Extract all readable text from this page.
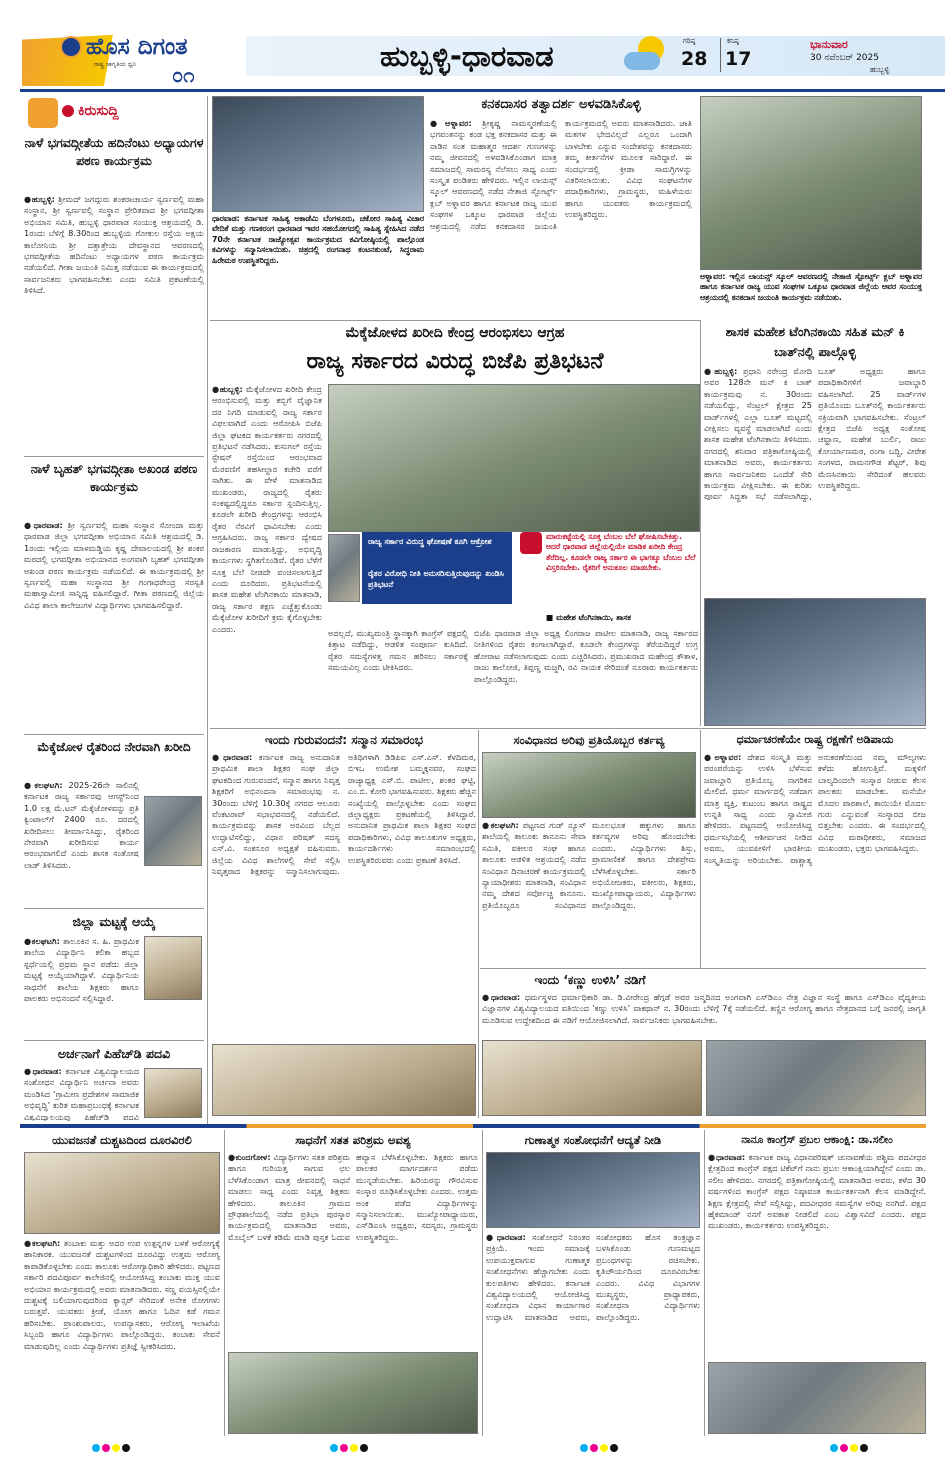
ಹೊಸ ದಿಗಂತ
ರಾಷ್ಟ್ರ ಜಾಗೃತಿಯ ಧ್ವನಿ	೦೧
ಹುಬ್ಬಳ್ಳಿ-ಧಾರವಾಡ	ಗರಿಷ್ಠ
28
ಕನಿಷ್ಠ
17
ಭಾನುವಾರ
30 ನವೆಂಬರ್ 2025
ಹುಬ್ಬಳ್ಳಿ
ಕಿರುಸುದ್ದಿ
ನಾಳೆ ಭಗವದ್ಗೀತೆಯ ಹದಿನೆಂಟು ಅಧ್ಯಾಯಗಳ ಪಠಣ ಕಾರ್ಯಕ್ರಮ
●ಹುಬ್ಬಳ್ಳಿ: ಶ್ರೀಮದ್ ಜಗದ್ಗುರು ಶಂಕರಾಚಾರ್ಯ ಸ್ವರ್ಣವಲ್ಲಿ ಮಹಾ ಸಂಸ್ಥಾನ, ಶ್ರೀ ಸ್ವರ್ಣವಲ್ಲಿ ಸಂಸ್ಥಾನ ಪ್ರೇರಿತವಾದ ಶ್ರೀ ಭಗವದ್ಗೀತಾ ಅಭಿಯಾನ ಸಮಿತಿ, ಹುಬ್ಬಳ್ಳಿ ಧಾರವಾಡ ಸಂಯುಕ್ತ ಆಶ್ರಯದಲ್ಲಿ ಡಿ. 1ರಂದು ಬೆಳಿಗ್ಗೆ 8.30ರಿಂದ ಹುಬ್ಬಳ್ಳಿಯ ಗೋಕುಲ ರಸ್ತೆಯ ಅಕ್ಷಯ ಕಾಲೋನಿಯ ಶ್ರೀ ದತ್ತಾತ್ರೇಯ ದೇವಸ್ಥಾನದ ಆವರಣದಲ್ಲಿ ಭಗವದ್ಗೀತೆಯ ಹದಿನೆಂಟು ಅಧ್ಯಾಯಗಳ ಪಠಣ ಕಾರ್ಯಕ್ರಮ ನಡೆಯಲಿದೆ. ಗೀತಾ ಜಯಂತಿ ನಿಮಿತ್ತ ನಡೆಯುವ ಈ ಕಾರ್ಯಕ್ರಮದಲ್ಲಿ ಸಾರ್ವಜನಿಕರು ಭಾಗವಹಿಸಬೇಕು ಎಂದು ಸಮಿತಿ ಪ್ರಕಟಣೆಯಲ್ಲಿ ತಿಳಿಸಿದೆ.
ನಾಳೆ ಬೃಹತ್ ಭಗವದ್ಗೀತಾ ಅಖಂಡ ಪಠಣ ಕಾರ್ಯಕ್ರಮ
●ಧಾರವಾಡ: ಶ್ರೀ ಸ್ವರ್ಣವಲ್ಲಿ ಮಹಾ ಸಂಸ್ಥಾನ ಸೋಂದಾ ಮತ್ತು ಧಾರವಾಡ ಜಿಲ್ಲಾ ಭಗವದ್ಗೀತಾ ಅಭಿಯಾನ ಸಮಿತಿ ಆಶ್ರಯದಲ್ಲಿ ಡಿ. 1ರಂದು ಇಲ್ಲಿಯ ಮಾಳಮಡ್ಡಿಯ ಕೃಷ್ಣ ದೇವಾಲಯದಲ್ಲಿ ಶ್ರೀ ಶಂಕರ ಮಠದಲ್ಲಿ ಭಗವದ್ಗೀತಾ ಅಭಿಯಾನದ ಅಂಗವಾಗಿ ಬೃಹತ್ ಭಗವದ್ಗೀತಾ ಅಖಂಡ ಪಠಣ ಕಾರ್ಯಕ್ರಮ ನಡೆಯಲಿದೆ. ಈ ಕಾರ್ಯಕ್ರಮದಲ್ಲಿ ಶ್ರೀ ಸ್ವರ್ಣವಲ್ಲಿ ಮಹಾ ಸಂಸ್ಥಾನದ ಶ್ರೀ ಗಂಗಾಧರೇಂದ್ರ ಸರಸ್ವತಿ ಮಹಾಸ್ವಾಮೀಜಿ ಸಾನ್ನಿಧ್ಯ ವಹಿಸಲಿದ್ದಾರೆ. ಗೀತಾ ಪಠಣದಲ್ಲಿ ಜಿಲ್ಲೆಯ ವಿವಿಧ ಶಾಲಾ ಕಾಲೇಜುಗಳ ವಿದ್ಯಾರ್ಥಿಗಳು ಭಾಗವಹಿಸಲಿದ್ದಾರೆ.
ಮೆಕ್ಕೆಜೋಳ ರೈತರಿಂದ ನೇರವಾಗಿ ಖರೀದಿ
●ಕಲಘಟಗಿ: 2025-26ನೇ ಸಾಲಿನಲ್ಲಿ ಕರ್ನಾಟಕ ರಾಜ್ಯ ಸರ್ಕಾರವು ಆಗಸ್ಟ್‌ನಿಂದ 1.0 ಲಕ್ಷ ಮೆ.ಟನ್ ಮೆಕ್ಕೆಜೋಳವನ್ನು ಪ್ರತಿ ಕ್ವಿಂಟಾಲ್‌ಗೆ 2400 ರೂ. ದರದಲ್ಲಿ ಖರೀದಿಸಲು ತೀರ್ಮಾನಿಸಿದ್ದು, ರೈತರಿಂದ ನೇರವಾಗಿ ಖರೀದಿಸುವ ಕಾರ್ಯ ಆರಂಭವಾಗಲಿದೆ ಎಂದು ಶಾಸಕ ಸಂತೋಷ ಲಾಡ್ ತಿಳಿಸಿದರು.
ಜಿಲ್ಲಾ ಮಟ್ಟಕ್ಕೆ ಆಯ್ಕೆ
●ಕಲಘಟಗಿ: ತಾಲೂಕಿನ ಸ. ಹಿ. ಪ್ರಾಥಮಿಕ ಶಾಲೆಯ ವಿದ್ಯಾರ್ಥಿನಿ ಕಲಿಕಾ ಹಬ್ಬದ ಸ್ಪರ್ಧೆಯಲ್ಲಿ ಪ್ರಥಮ ಸ್ಥಾನ ಪಡೆದು ಜಿಲ್ಲಾ ಮಟ್ಟಕ್ಕೆ ಆಯ್ಕೆಯಾಗಿದ್ದಾಳೆ. ವಿದ್ಯಾರ್ಥಿನಿಯ ಸಾಧನೆಗೆ ಶಾಲೆಯ ಶಿಕ್ಷಕರು ಹಾಗೂ ಪಾಲಕರು ಅಭಿನಂದನೆ ಸಲ್ಲಿಸಿದ್ದಾರೆ.
ಅರ್ಚನಾಗೆ ಪಿಹೆಚ್‌ಡಿ ಪದವಿ
●ಧಾರವಾಡ: ಕರ್ನಾಟಕ ವಿಶ್ವವಿದ್ಯಾಲಯದ ಸಂಶೋಧನ ವಿದ್ಯಾರ್ಥಿನಿ ಅರ್ಚನಾ ಅವರು ಮಂಡಿಸಿದ ‘ಗ್ರಾಮೀಣ ಪ್ರದೇಶಗಳ ಸಾಮಾಜಿಕ ಅಭಿವೃದ್ಧಿ’ ಕುರಿತ ಮಹಾಪ್ರಬಂಧಕ್ಕೆ ಕರ್ನಾಟಕ ವಿಶ್ವವಿದ್ಯಾಲಯವು ಪಿಹೆಚ್‌ಡಿ ಪದವಿ
ಧಾರವಾಡ: ಕರ್ನಾಟಕ ಸಾಹಿತ್ಯ ಅಕಾಡೆಮಿ ಬೆಂಗಳೂರು, ಚಕೋರ ಸಾಹಿತ್ಯ ವಿಚಾರ ವೇದಿಕೆ ಮತ್ತು ಗಣಕರಂಗ ಧಾರವಾಡ ಇವರ ಸಹಯೋಗದಲ್ಲಿ ಸಾಹಿತ್ಯ ಸ್ನೇಹಿಸಿದ ನಡೆದ 70ನೇ ಕರ್ನಾಟಕ ರಾಜ್ಯೋತ್ಸವ ಕಾರ್ಯಕ್ರಮದ ಕವಿಗೋಷ್ಠಿಯಲ್ಲಿ ಪಾಲ್ಗೊಂಡ ಕವಿಗಳನ್ನು ಸನ್ಮಾನಿಸಲಾಯಿತು. ಚಿತ್ರದಲ್ಲಿ ರಂಗನಾಥ ಕಂಟನಕುಂಟೆ, ಸಿದ್ಧರಾಮ ಹಿರೇಮಠ ಉಪಸ್ಥಿತರಿದ್ದರು.
ಕನಕದಾಸರ ತತ್ವಾದರ್ಶ ಅಳವಡಿಸಿಕೊಳ್ಳಿ
●ಅಳ್ನಾವರ: ಶ್ರೀಕೃಷ್ಣ ನಾಮಸ್ಮರಣೆಯಲ್ಲಿ ಭಗವಂತನನ್ನು ಕಂಡ ಭಕ್ತ ಕನಕದಾಸರ ಮತ್ತು ಈ ನಾಡಿನ ಸಂತ ಮಹಾತ್ಮರ ಆದರ್ಶ ಗುಣಗಳನ್ನು ನಮ್ಮ ಜೀವನದಲ್ಲಿ ಅಳವಡಿಸಿಕೊಂಡಾಗ ಮಾತ್ರ ಸಮಾಜದಲ್ಲಿ ಸಾಮರಸ್ಯ ನೆಲೆಸಲು ಸಾಧ್ಯ ಎಂದು ಸಂಸ್ಕೃತ ಪಂಡಿತರು ಹೇಳಿದರು. ಇಲ್ಲಿನ ಲಾಯನ್ಸ್ ಸ್ಕೂಲ್ ಆವರಣದಲ್ಲಿ ನಡೆದ ನೇತಾಜಿ ಸ್ಪೋರ್ಟ್ಸ್ ಕ್ಲಬ್ ಅಳ್ನಾವರ ಹಾಗೂ ಕರ್ನಾಟಕ ರಾಜ್ಯ ಯುವ ಸಂಘಗಳ ಒಕ್ಕೂಟ ಧಾರವಾಡ ಜಿಲ್ಲೆಯ ಆಶ್ರಯದಲ್ಲಿ ನಡೆದ ಕನಕದಾಸರ ಜಯಂತಿ ಕಾರ್ಯಕ್ರಮದಲ್ಲಿ ಅವರು ಮಾತನಾಡಿದರು. ಜಾತಿ ಮತಗಳ ಭೇದವಿಲ್ಲದೆ ಎಲ್ಲರೂ ಒಂದಾಗಿ ಬಾಳಬೇಕು ಎನ್ನುವ ಸಂದೇಶವನ್ನು ಕನಕದಾಸರು ತಮ್ಮ ಕೀರ್ತನೆಗಳ ಮೂಲಕ ಸಾರಿದ್ದಾರೆ. ಈ ಸಂದರ್ಭದಲ್ಲಿ ಕ್ರೀಡಾ ಸಾಮಗ್ರಿಗಳನ್ನು ವಿತರಿಸಲಾಯಿತು. ವಿವಿಧ ಸಂಘಟನೆಗಳ ಪದಾಧಿಕಾರಿಗಳು, ಗ್ರಾಮಸ್ಥರು, ಮಹಿಳೆಯರು ಹಾಗೂ ಯುವಕರು ಕಾರ್ಯಕ್ರಮದಲ್ಲಿ ಉಪಸ್ಥಿತರಿದ್ದರು.
ಅಳ್ನಾವರ: ಇಲ್ಲಿನ ಲಾಯನ್ಸ್ ಸ್ಕೂಲ್ ಆವರಣದಲ್ಲಿ ನೇತಾಜಿ ಸ್ಪೋರ್ಟ್ಸ್ ಕ್ಲಬ್ ಅಳ್ನಾವರ ಹಾಗೂ ಕರ್ನಾಟಕ ರಾಜ್ಯ ಯುವ ಸಂಘಗಳ ಒಕ್ಕೂಟ ಧಾರವಾಡ ಜಿಲ್ಲೆಯ ಆವರ ಸಂಯುಕ್ತ ಆಶ್ರಯದಲ್ಲಿ ಕನಕದಾಸ ಜಯಂತಿ ಕಾರ್ಯಕ್ರಮ ನಡೆಯಿತು.
ಮೆಕ್ಕೆಜೋಳದ ಖರೀದಿ ಕೇಂದ್ರ ಆರಂಭಿಸಲು ಆಗ್ರಹ
ರಾಜ್ಯ ಸರ್ಕಾರದ ವಿರುದ್ಧ ಬಿಜೆಪಿ ಪ್ರತಿಭಟನೆ
●ಹುಬ್ಬಳ್ಳಿ: ಮೆಕ್ಕೆಜೋಳದ ಖರೀದಿ ಕೇಂದ್ರ ಆರಂಭಿಸುವಲ್ಲಿ ಮತ್ತು ಕಬ್ಬಿಗೆ ವೈಜ್ಞಾನಿಕ ದರ ನಿಗದಿ ಮಾಡುವಲ್ಲಿ ರಾಜ್ಯ ಸರ್ಕಾರ ವಿಫಲವಾಗಿದೆ ಎಂದು ಆರೋಪಿಸಿ ಬಿಜೆಪಿ ಜಿಲ್ಲಾ ಘಟಕದ ಕಾರ್ಯಕರ್ತರು ನಗರದಲ್ಲಿ ಪ್ರತಿಭಟನೆ ನಡೆಸಿದರು. ಕುಸುಗಲ್ ರಸ್ತೆಯ ಸ್ಟೇಷನ್ ರಸ್ತೆಯಿಂದ ಆರಂಭವಾದ ಮೆರವಣಿಗೆ ತಹಸೀಲ್ದಾರ ಕಚೇರಿ ವರೆಗೆ ಸಾಗಿತು. ಈ ವೇಳೆ ಮಾತನಾಡಿದ ಮುಖಂಡರು, ರಾಜ್ಯದಲ್ಲಿ ರೈತರು ಸಂಕಷ್ಟದಲ್ಲಿದ್ದರೂ ಸರ್ಕಾರ ಸ್ಪಂದಿಸುತ್ತಿಲ್ಲ. ಕೂಡಲೇ ಖರೀದಿ ಕೇಂದ್ರಗಳನ್ನು ಆರಂಭಿಸಿ ರೈತರ ನೆರವಿಗೆ ಧಾವಿಸಬೇಕು ಎಂದು ಆಗ್ರಹಿಸಿದರು. ರಾಜ್ಯ ಸರ್ಕಾರ ದ್ವೇಷದ ರಾಜಕಾರಣ ಮಾಡುತ್ತಿದ್ದು, ಅಭಿವೃದ್ಧಿ ಕಾರ್ಯಗಳು ಸ್ಥಗಿತಗೊಂಡಿವೆ. ರೈತರ ಬೆಳೆಗೆ ಸೂಕ್ತ ಬೆಲೆ ನೀಡದೇ ವಂಚಿಸಲಾಗುತ್ತಿದೆ ಎಂದು ದೂರಿದರು. ಪ್ರತಿಭಟನೆಯಲ್ಲಿ ಶಾಸಕ ಮಹೇಶ ಟೆಂಗಿನಕಾಯಿ ಮಾತನಾಡಿ, ರಾಜ್ಯ ಸರ್ಕಾರ ತಕ್ಷಣ ಎಚ್ಚೆತ್ತುಕೊಂಡು ಮೆಕ್ಕೆಜೋಳ ಖರೀದಿಗೆ ಕ್ರಮ ಕೈಗೊಳ್ಳಬೇಕು ಎಂದರು.
ರಾಜ್ಯ ಸರ್ಕಾರ ವಿರುದ್ಧ ಘೋಷಣೆ ಕೂಗಿ ಆಕ್ರೋಶ
ರೈತರ ವಿರೋಧಿ ನೀತಿ ಅನುಸರಿಸುತ್ತಿರುವುದನ್ನು ಖಂಡಿಸಿ ಪ್ರತಿಭಟನೆ
ಮಾರುಕಟ್ಟೆಯಲ್ಲಿ ಸೂಕ್ತ ಬೆಂಬಲ ಬೆಲೆ ಘೋಷಿಸಬೇಕಿತ್ತು. ಆದರೆ ಧಾರವಾಡ ಜಿಲ್ಲೆಯಲ್ಲಿಯೇ ಮಾಡಿಕ ಖರೀದಿ ಕೇಂದ್ರ ತೆರೆದಿಲ್ಲ. ಕೂಡಲೇ ರಾಜ್ಯ ಸರ್ಕಾರ ಈ ಭಾಗಕ್ಕೂ ಬೆಂಬಲ ಬೆಲೆ ವಿಸ್ತರಿಸಬೇಕು. ರೈತರಿಗೆ ಅನುಕೂಲ ಮಾಡಬೇಕು.
■ ಮಹೇಶ ಟೆಂಗಿನಕಾಯಿ, ಶಾಸಕ
ಅದಲ್ಲದೆ, ಮುಖ್ಯಮಂತ್ರಿ ಸ್ಥಾನಕ್ಕಾಗಿ ಕಾಂಗ್ರೆಸ್ ಪಕ್ಷದಲ್ಲಿ ಕಿತ್ತಾಟ ನಡೆದಿದ್ದು, ಆಡಳಿತ ಸಂಪೂರ್ಣ ಕುಸಿದಿದೆ. ರೈತರ ಸಮಸ್ಯೆಗಳತ್ತ ಗಮನ ಹರಿಸಲು ಸರ್ಕಾರಕ್ಕೆ ಸಮಯವಿಲ್ಲ ಎಂದು ಟೀಕಿಸಿದರು.
ಬಿಜೆಪಿ ಧಾರವಾಡ ಜಿಲ್ಲಾ ಅಧ್ಯಕ್ಷ ಲಿಂಗರಾಜ ಪಾಟೀಲ ಮಾತನಾಡಿ, ರಾಜ್ಯ ಸರ್ಕಾರದ ನೀತಿಗಳಿಂದ ರೈತರು ಕಂಗಾಲಾಗಿದ್ದಾರೆ. ಕೂಡಲೇ ಕೇಂದ್ರಗಳನ್ನು ತೆರೆಯದಿದ್ದರೆ ಉಗ್ರ ಹೋರಾಟ ನಡೆಸಲಾಗುವುದು ಎಂದು ಎಚ್ಚರಿಸಿದರು. ಪ್ರಮುಖರಾದ ಮಹೇಂದ್ರ ಕೌತಾಳ, ರಾಜು ಕಾಲೋಜಿ, ತಿಪ್ಪಣ್ಣ ಮಜ್ಜಗಿ, ರವಿ ನಾಯಕ ಸೇರಿದಂತೆ ನೂರಾರು ಕಾರ್ಯಕರ್ತರು ಪಾಲ್ಗೊಂಡಿದ್ದರು.
ಶಾಸಕ ಮಹೇಶ ಟೆಂಗಿನಕಾಯಿ ಸಹಿತ ಮನ್ ಕಿ ಬಾತ್‌ನಲ್ಲಿ ಪಾಲ್ಗೊಳ್ಳಿ
●ಹುಬ್ಬಳ್ಳಿ: ಪ್ರಧಾನಿ ನರೇಂದ್ರ ಮೋದಿ ಅವರ 128ನೇ ಮನ್ ಕಿ ಬಾತ್ ಕಾರ್ಯಕ್ರಮವು ನ. 30ರಂದು ನಡೆಯಲಿದ್ದು, ಸೆಂಟ್ರಲ್ ಕ್ಷೇತ್ರದ 25 ವಾರ್ಡ್‌ಗಳಲ್ಲಿ ಎಲ್ಲಾ ಬೂತ್ ಮಟ್ಟದಲ್ಲಿ ವೀಕ್ಷಿಸಲು ವ್ಯವಸ್ಥೆ ಮಾಡಲಾಗಿದೆ ಎಂದು ಶಾಸಕ ಮಹೇಶ ಟೆಂಗಿನಕಾಯಿ ತಿಳಿಸಿದರು. ನಗರದಲ್ಲಿ ಶನಿವಾರ ಪತ್ರಿಕಾಗೋಷ್ಠಿಯಲ್ಲಿ ಮಾತನಾಡಿದ ಅವರು, ಕಾರ್ಯಕರ್ತರು ಹಾಗೂ ಸಾರ್ವಜನಿಕರು ಒಂದೆಡೆ ಸೇರಿ ಕಾರ್ಯಕ್ರಮ ವೀಕ್ಷಿಸಬೇಕು. ಈ ಕುರಿತು ಪೂರ್ವ ಸಿದ್ಧತಾ ಸಭೆ ನಡೆಸಲಾಗಿದ್ದು, ಬೂತ್ ಅಧ್ಯಕ್ಷರು ಹಾಗೂ ಪದಾಧಿಕಾರಿಗಳಿಗೆ ಜವಾಬ್ದಾರಿ ವಹಿಸಲಾಗಿದೆ. 25 ವಾರ್ಡ್‌ಗಳ ಪ್ರತಿಯೊಂದು ಬೂತ್‌ನಲ್ಲಿ ಕಾರ್ಯಕರ್ತರು ಸಕ್ರಿಯವಾಗಿ ಭಾಗವಹಿಸಬೇಕು. ಸೆಂಟ್ರಲ್ ಕ್ಷೇತ್ರದ ಬಿಜೆಪಿ ಅಧ್ಯಕ್ಷ ಸಂತೋಷ ಚವ್ಹಾಣ, ಮಹೇಶ ಬುರ್ಲಿ, ರಾಜು ಕೋರ್ಯಾಣಮಠ, ರಂಗಾ ಬದ್ದಿ, ವೀರೇಶ ಸಂಗಳದ, ರಾಮನಗೌಡ ಶೆಟ್ಟರ್, ಶಿವು ಮೆಣಸಿನಕಾಯಿ ಸೇರಿದಂತೆ ಹಲವರು ಉಪಸ್ಥಿತರಿದ್ದರು.
ಇಂದು ಗುರುವಂದನೆ: ಸನ್ಮಾನ ಸಮಾರಂಭ
●ಧಾರವಾಡ: ಕರ್ನಾಟಕ ರಾಜ್ಯ ಅನುದಾನಿತ ಪ್ರಾಥಮಿಕ ಶಾಲಾ ಶಿಕ್ಷಕರ ಸಂಘ ಜಿಲ್ಲಾ ಘಟಕದಿಂದ ಗುರುವಂದನೆ, ಸನ್ಮಾನ ಹಾಗೂ ನಿವೃತ್ತ ಶಿಕ್ಷಕರಿಗೆ ಅಭಿನಂದನಾ ಸಮಾರಂಭವು ನ. 30ರಂದು ಬೆಳಿಗ್ಗೆ 10.30ಕ್ಕೆ ನಗರದ ಆಲೂರು ವೆಂಕಟರಾವ್ ಸಭಾಭವನದಲ್ಲಿ ನಡೆಯಲಿದೆ. ಕಾರ್ಯಕ್ರಮವನ್ನು ಶಾಸಕ ಅರವಿಂದ ಬೆಲ್ಲದ ಉದ್ಘಾಟಿಸಲಿದ್ದು, ವಿಧಾನ ಪರಿಷತ್ ಸದಸ್ಯ ಎಸ್.ವಿ. ಸಂಕನೂರ ಅಧ್ಯಕ್ಷತೆ ವಹಿಸುವರು. ಜಿಲ್ಲೆಯ ವಿವಿಧ ಶಾಲೆಗಳಲ್ಲಿ ಸೇವೆ ಸಲ್ಲಿಸಿ ನಿವೃತ್ತರಾದ ಶಿಕ್ಷಕರನ್ನು ಸನ್ಮಾನಿಸಲಾಗುವುದು. ಅತಿಥಿಗಳಾಗಿ ಡಿಡಿಪಿಐ ಎಸ್.ಎಸ್. ಕೆಳದಿಮಠ, ಬಿಇಒ ಉಮೇಶ ಬಮ್ಮಕ್ಕನವರ, ಸಂಘದ ರಾಜ್ಯಾಧ್ಯಕ್ಷ ಎಸ್.ಬಿ. ಪಾಟೀಲ, ಶಂಕರ ಘಟ್ಟಿ, ಎಂ.ಬಿ. ಕೋರಿ ಭಾಗವಹಿಸುವರು. ಶಿಕ್ಷಕರು ಹೆಚ್ಚಿನ ಸಂಖ್ಯೆಯಲ್ಲಿ ಪಾಲ್ಗೊಳ್ಳಬೇಕು ಎಂದು ಸಂಘದ ಜಿಲ್ಲಾಧ್ಯಕ್ಷರು ಪ್ರಕಟಣೆಯಲ್ಲಿ ತಿಳಿಸಿದ್ದಾರೆ. ಅನುದಾನಿತ ಪ್ರಾಥಮಿಕ ಶಾಲಾ ಶಿಕ್ಷಕರ ಸಂಘದ ಪದಾಧಿಕಾರಿಗಳು, ವಿವಿಧ ತಾಲೂಕುಗಳ ಅಧ್ಯಕ್ಷರು, ಕಾರ್ಯದರ್ಶಿಗಳು ಸಮಾರಂಭದಲ್ಲಿ ಉಪಸ್ಥಿತರಿರುವರು ಎಂದು ಪ್ರಕಟಣೆ ತಿಳಿಸಿದೆ.
ಸಂವಿಧಾನದ ಅರಿವು ಪ್ರತಿಯೊಬ್ಬರ ಕರ್ತವ್ಯ
●ಕಲಘಟಗಿ: ಪಟ್ಟಣದ ಗುಡ್ ನ್ಯೂಸ್ ಶಾಲೆಯಲ್ಲಿ ತಾಲೂಕು ಕಾನೂನು ಸೇವಾ ಸಮಿತಿ, ವಕೀಲರ ಸಂಘ ಹಾಗೂ ತಾಲೂಕು ಆಡಳಿತ ಆಶ್ರಯದಲ್ಲಿ ನಡೆದ ಸಂವಿಧಾನ ದಿನಾಚರಣೆ ಕಾರ್ಯಕ್ರಮದಲ್ಲಿ ನ್ಯಾಯಾಧೀಶರು ಮಾತನಾಡಿ, ಸಂವಿಧಾನ ನಮ್ಮ ದೇಶದ ಸರ್ವೋಚ್ಚ ಕಾನೂನು. ಪ್ರತಿಯೊಬ್ಬರೂ ಸಂವಿಧಾನದ ಮೂಲಭೂತ ಹಕ್ಕುಗಳು ಹಾಗೂ ಕರ್ತವ್ಯಗಳ ಅರಿವು ಹೊಂದಬೇಕು ಎಂದರು. ವಿದ್ಯಾರ್ಥಿಗಳು ಶಿಸ್ತು, ಪ್ರಾಮಾಣಿಕತೆ ಹಾಗೂ ದೇಶಪ್ರೇಮ ಬೆಳೆಸಿಕೊಳ್ಳಬೇಕು. ಸರ್ಕಾರಿ ಅಭಿಯೋಜಕರು, ವಕೀಲರು, ಶಿಕ್ಷಕರು, ಮುಖ್ಯೋಪಾಧ್ಯಾಯರು, ವಿದ್ಯಾರ್ಥಿಗಳು ಪಾಲ್ಗೊಂಡಿದ್ದರು.
ಇಂದು ‘ಕಣ್ಣು ಉಳಿಸಿ’ ನಡಿಗೆ
●ಧಾರವಾಡ: ಧರ್ಮಸ್ಥಳದ ಧರ್ಮಾಧಿಕಾರಿ ಡಾ. ಡಿ.ವೀರೇಂದ್ರ ಹೆಗ್ಗಡೆ ಅವರ ಜನ್ಮದಿನದ ಅಂಗವಾಗಿ ಎಸ್‌ಡಿಎಂ ನೇತ್ರ ವಿಜ್ಞಾನ ಸಂಸ್ಥೆ ಹಾಗೂ ಎಸ್‌ಡಿಎಂ ವೈದ್ಯಕೀಯ ವಿಜ್ಞಾನಗಳ ವಿಶ್ವವಿದ್ಯಾಲಯದ ವತಿಯಿಂದ ‘ಕಣ್ಣು ಉಳಿಸಿ’ ವಾಕಥಾನ್ ನ. 30ರಂದು ಬೆಳಿಗ್ಗೆ 7ಕ್ಕೆ ನಡೆಯಲಿದೆ. ಕಣ್ಣಿನ ಆರೋಗ್ಯ ಹಾಗೂ ನೇತ್ರದಾನದ ಬಗ್ಗೆ ಜನರಲ್ಲಿ ಜಾಗೃತಿ ಮೂಡಿಸುವ ಉದ್ದೇಶದಿಂದ ಈ ನಡಿಗೆ ಆಯೋಜಿಸಲಾಗಿದೆ. ಸಾರ್ವಜನಿಕರು ಭಾಗವಹಿಸಬೇಕು.
ಧರ್ಮಾಚರಣೆಯೇ ರಾಷ್ಟ್ರ ರಕ್ಷಣೆಗೆ ಅಡಿಪಾಯ
●ಅಳ್ನಾವರ: ದೇಶದ ಸಂಸ್ಕೃತಿ ಮತ್ತು ಪರಂಪರೆಯನ್ನು ಉಳಿಸಿ ಬೆಳೆಸುವ ಜವಾಬ್ದಾರಿ ಪ್ರತಿಯೊಬ್ಬ ನಾಗರಿಕನ ಮೇಲಿದೆ. ಧರ್ಮ ಮಾರ್ಗದಲ್ಲಿ ನಡೆದಾಗ ಮಾತ್ರ ವ್ಯಕ್ತಿ, ಕುಟುಂಬ ಹಾಗೂ ರಾಷ್ಟ್ರದ ಉನ್ನತಿ ಸಾಧ್ಯ ಎಂದು ಸ್ವಾಮೀಜಿ ಹೇಳಿದರು. ಪಟ್ಟಣದಲ್ಲಿ ಆಯೋಜಿಸಿದ್ದ ಧರ್ಮಸಭೆಯಲ್ಲಿ ಆಶೀರ್ವಚನ ನೀಡಿದ ಅವರು, ಯುವಪೀಳಿಗೆ ಭಾರತೀಯ ಸಂಸ್ಕೃತಿಯನ್ನು ಅರಿಯಬೇಕು. ಪಾಶ್ಚಾತ್ಯ ಅನುಕರಣೆಯಿಂದ ನಮ್ಮ ಮೌಲ್ಯಗಳು ಕಳೆದು ಹೋಗುತ್ತಿವೆ. ಮಕ್ಕಳಿಗೆ ಬಾಲ್ಯದಿಂದಲೇ ಸಂಸ್ಕಾರ ನೀಡುವ ಕೆಲಸ ಪಾಲಕರು ಮಾಡಬೇಕು. ಮನೆಯೇ ಮೊದಲ ಪಾಠಶಾಲೆ, ತಾಯಿಯೇ ಮೊದಲ ಗುರು ಎನ್ನುವಂತೆ ಸಂಸ್ಕಾರದ ಬೀಜ ಬಿತ್ತಬೇಕು ಎಂದರು. ಈ ಸಂದರ್ಭದಲ್ಲಿ ವಿವಿಧ ಮಠಾಧೀಶರು, ಸಮಾಜದ ಮುಖಂಡರು, ಭಕ್ತರು ಭಾಗವಹಿಸಿದ್ದರು.
ಯುವಜನತೆ ದುಶ್ಚಟದಿಂದ ದೂರವಿರಲಿ
●ಕಲಘಟಗಿ: ತಂಬಾಕು ಮತ್ತು ಅದರ ಉಪ ಉತ್ಪನ್ನಗಳ ಬಳಕೆ ಆರೋಗ್ಯಕ್ಕೆ ಹಾನಿಕಾರಕ. ಯುವಜನತೆ ದುಶ್ಚಟಗಳಿಂದ ದೂರವಿದ್ದು ಉತ್ತಮ ಆರೋಗ್ಯ ಕಾಪಾಡಿಕೊಳ್ಳಬೇಕು ಎಂದು ತಾಲೂಕು ಆರೋಗ್ಯಾಧಿಕಾರಿ ಹೇಳಿದರು. ಪಟ್ಟಣದ ಸರ್ಕಾರಿ ಪದವಿಪೂರ್ವ ಕಾಲೇಜಿನಲ್ಲಿ ಆಯೋಜಿಸಿದ್ದ ತಂಬಾಕು ಮುಕ್ತ ಯುವ ಅಭಿಯಾನ ಕಾರ್ಯಕ್ರಮದಲ್ಲಿ ಅವರು ಮಾತನಾಡಿದರು. ಸಣ್ಣ ವಯಸ್ಸಿನಲ್ಲಿಯೇ ದುಶ್ಚಟಕ್ಕೆ ಬಲಿಯಾಗುವುದರಿಂದ ಕ್ಯಾನ್ಸರ್ ಸೇರಿದಂತೆ ಅನೇಕ ರೋಗಗಳು ಬರುತ್ತವೆ. ಯುವಕರು ಕ್ರೀಡೆ, ಯೋಗ ಹಾಗೂ ಓದಿನ ಕಡೆ ಗಮನ ಹರಿಸಬೇಕು. ಪ್ರಾಂಶುಪಾಲರು, ಉಪನ್ಯಾಸಕರು, ಆರೋಗ್ಯ ಇಲಾಖೆಯ ಸಿಬ್ಬಂದಿ ಹಾಗೂ ವಿದ್ಯಾರ್ಥಿಗಳು ಪಾಲ್ಗೊಂಡಿದ್ದರು. ತಂಬಾಕು ಸೇವನೆ ಮಾಡುವುದಿಲ್ಲ ಎಂದು ವಿದ್ಯಾರ್ಥಿಗಳು ಪ್ರತಿಜ್ಞೆ ಸ್ವೀಕರಿಸಿದರು.
ಸಾಧನೆಗೆ ಸತತ ಪರಿಶ್ರಮ ಅವಶ್ಯ
●ಕುಂದಗೋಳ: ವಿದ್ಯಾರ್ಥಿಗಳು ಸತತ ಪರಿಶ್ರಮ ಹಾಗೂ ಗುರಿಯತ್ತ ಸಾಗುವ ಛಲ ಬೆಳೆಸಿಕೊಂಡಾಗ ಮಾತ್ರ ಜೀವನದಲ್ಲಿ ಸಾಧನೆ ಮಾಡಲು ಸಾಧ್ಯ ಎಂದು ನಿವೃತ್ತ ಶಿಕ್ಷಕರು ಹೇಳಿದರು. ತಾಲೂಕಿನ ಗ್ರಾಮದ ಪ್ರೌಢಶಾಲೆಯಲ್ಲಿ ನಡೆದ ಪ್ರತಿಭಾ ಪುರಸ್ಕಾರ ಕಾರ್ಯಕ್ರಮದಲ್ಲಿ ಮಾತನಾಡಿದ ಅವರು, ಮೊಬೈಲ್ ಬಳಕೆ ಕಡಿಮೆ ಮಾಡಿ ಪುಸ್ತಕ ಓದುವ ಹವ್ಯಾಸ ಬೆಳೆಸಿಕೊಳ್ಳಬೇಕು. ಶಿಕ್ಷಕರು ಹಾಗೂ ಪಾಲಕರ ಮಾರ್ಗದರ್ಶನ ಪಡೆದು ಮುನ್ನಡೆಯಬೇಕು. ಹಿರಿಯರನ್ನು ಗೌರವಿಸುವ ಸಂಸ್ಕಾರ ರೂಢಿಸಿಕೊಳ್ಳಬೇಕು ಎಂದರು. ಉತ್ತಮ ಅಂಕ ಪಡೆದ ವಿದ್ಯಾರ್ಥಿಗಳನ್ನು ಸನ್ಮಾನಿಸಲಾಯಿತು. ಮುಖ್ಯೋಪಾಧ್ಯಾಯರು, ಎಸ್‌ಡಿಎಂಸಿ ಅಧ್ಯಕ್ಷರು, ಸದಸ್ಯರು, ಗ್ರಾಮಸ್ಥರು ಉಪಸ್ಥಿತರಿದ್ದರು.
ಗುಣಾತ್ಮಕ ಸಂಶೋಧನೆಗೆ ಆದ್ಯತೆ ನೀಡಿ
●ಧಾರವಾಡ: ಸಂಶೋಧನೆ ನಿರಂತರ ಪ್ರಕ್ರಿಯೆ. ಇಂದು ಸಮಾಜಕ್ಕೆ ಉಪಯುಕ್ತವಾಗುವ ಗುಣಾತ್ಮಕ ಸಂಶೋಧನೆಗಳು ಹೆಚ್ಚಾಗಬೇಕು ಎಂದು ಕುಲಪತಿಗಳು ಹೇಳಿದರು. ಕರ್ನಾಟಕ ವಿಶ್ವವಿದ್ಯಾಲಯದಲ್ಲಿ ಆಯೋಜಿಸಿದ್ದ ಸಂಶೋಧನಾ ವಿಧಾನ ಕಾರ್ಯಾಗಾರ ಉದ್ಘಾಟಿಸಿ ಮಾತನಾಡಿದ ಅವರು, ಸಂಶೋಧಕರು ಹೊಸ ತಂತ್ರಜ್ಞಾನ ಬಳಸಿಕೊಂಡು ಗುಣಮಟ್ಟದ ಪ್ರಬಂಧಗಳನ್ನು ರಚಿಸಬೇಕು. ಕೃತಿಚೌರ್ಯದಿಂದ ದೂರವಿರಬೇಕು ಎಂದರು. ವಿವಿಧ ವಿಭಾಗಗಳ ಮುಖ್ಯಸ್ಥರು, ಪ್ರಾಧ್ಯಾಪಕರು, ಸಂಶೋಧನಾ ವಿದ್ಯಾರ್ಥಿಗಳು ಪಾಲ್ಗೊಂಡಿದ್ದರು.
ನಾನೂ ಕಾಂಗ್ರೆಸ್ ಪ್ರಬಲ ಆಕಾಂಕ್ಷಿ: ಡಾ.ಸಲೀಂ
●ಧಾರವಾಡ: ಕರ್ನಾಟಕ ರಾಜ್ಯ ವಿಧಾನಪರಿಷತ್ ಚುನಾವಣೆಯ ಪಶ್ಚಿಮ ಪದವೀಧರ ಕ್ಷೇತ್ರದಿಂದ ಕಾಂಗ್ರೆಸ್ ಪಕ್ಷದ ಟಿಕೆಟ್‌ಗೆ ನಾನು ಪ್ರಬಲ ಆಕಾಂಕ್ಷಿಯಾಗಿದ್ದೇನೆ ಎಂದು ಡಾ. ಸಲೀಂ ಹೇಳಿದರು. ನಗರದಲ್ಲಿ ಪತ್ರಿಕಾಗೋಷ್ಠಿಯಲ್ಲಿ ಮಾತನಾಡಿದ ಅವರು, ಕಳೆದ 30 ವರ್ಷಗಳಿಂದ ಕಾಂಗ್ರೆಸ್ ಪಕ್ಷದ ನಿಷ್ಠಾವಂತ ಕಾರ್ಯಕರ್ತನಾಗಿ ಕೆಲಸ ಮಾಡಿದ್ದೇನೆ. ಶಿಕ್ಷಣ ಕ್ಷೇತ್ರದಲ್ಲಿ ಸೇವೆ ಸಲ್ಲಿಸಿದ್ದು, ಪದವೀಧರರ ಸಮಸ್ಯೆಗಳ ಅರಿವು ನನಗಿದೆ. ಪಕ್ಷದ ಹೈಕಮಾಂಡ್ ನನಗೆ ಅವಕಾಶ ನೀಡಲಿದೆ ಎಂಬ ವಿಶ್ವಾಸವಿದೆ ಎಂದರು. ಪಕ್ಷದ ಮುಖಂಡರು, ಕಾರ್ಯಕರ್ತರು ಉಪಸ್ಥಿತರಿದ್ದರು.
